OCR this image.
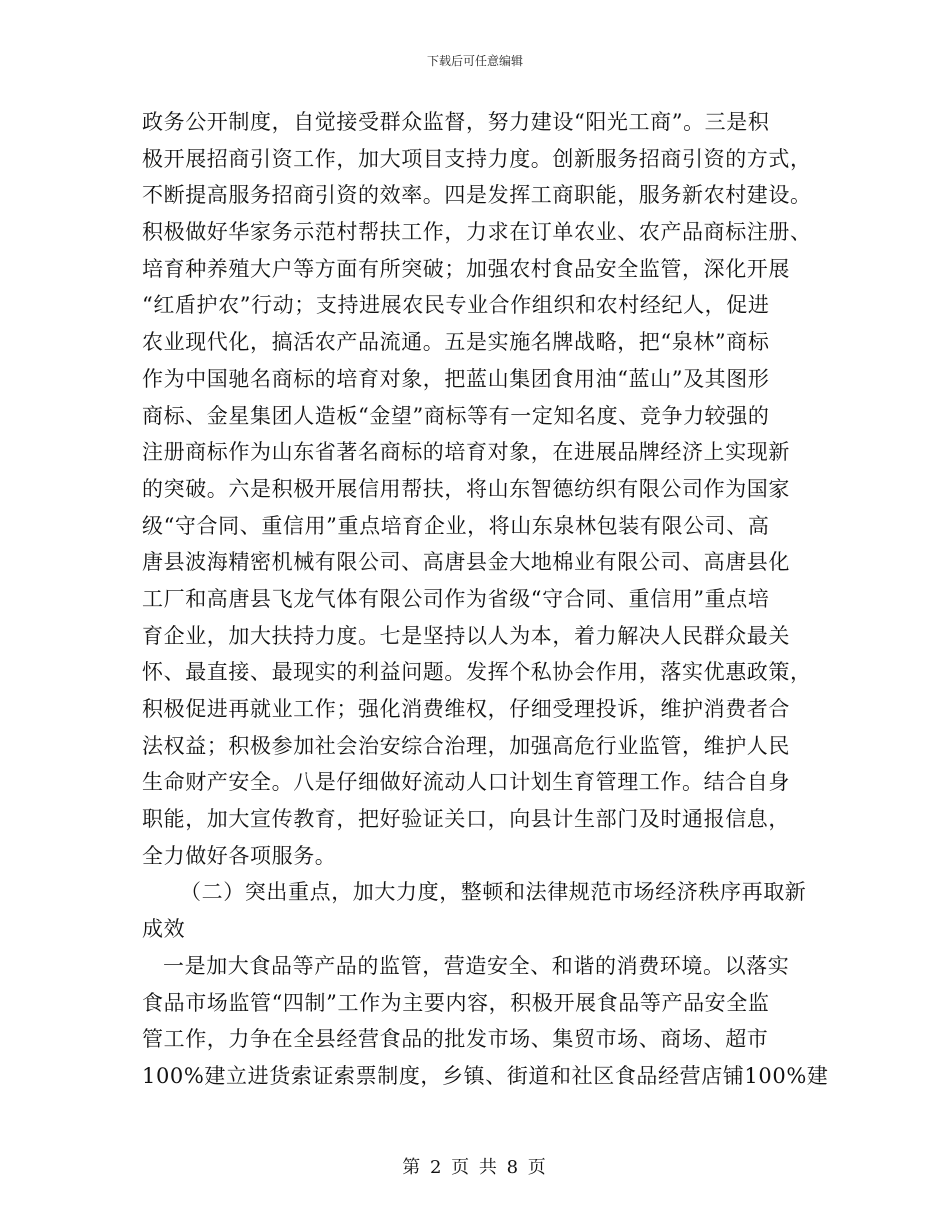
下载后可任意编辑
政务公开制度，自觉接受群众监督，努力建设“阳光工商”。三是积
极开展招商引资工作，加大项目支持力度。创新服务招商引资的方式，
不断提高服务招商引资的效率。四是发挥工商职能，服务新农村建设。
积极做好华家务示范村帮扶工作，力求在订单农业、农产品商标注册、
培育种养殖大户等方面有所突破；加强农村食品安全监管，深化开展
“红盾护农”行动；支持进展农民专业合作组织和农村经纪人，促进
农业现代化，搞活农产品流通。五是实施名牌战略，把“泉林”商标
作为中国驰名商标的培育对象，把蓝山集团食用油“蓝山”及其图形
商标、金星集团人造板“金望”商标等有一定知名度、竞争力较强的
注册商标作为山东省著名商标的培育对象，在进展品牌经济上实现新
的突破。六是积极开展信用帮扶，将山东智德纺织有限公司作为国家
级“守合同、重信用”重点培育企业，将山东泉林包装有限公司、高
唐县波海精密机械有限公司、高唐县金大地棉业有限公司、高唐县化
工厂和高唐县飞龙气体有限公司作为省级“守合同、重信用”重点培
育企业，加大扶持力度。七是坚持以人为本，着力解决人民群众最关
怀、最直接、最现实的利益问题。发挥个私协会作用，落实优惠政策，
积极促进再就业工作；强化消费维权，仔细受理投诉，维护消费者合
法权益；积极参加社会治安综合治理，加强高危行业监管，维护人民
生命财产安全。八是仔细做好流动人口计划生育管理工作。结合自身
职能，加大宣传教育，把好验证关口，向县计生部门及时通报信息，
全力做好各项服务。
（二）突出重点，加大力度，整顿和法律规范市场经济秩序再取新
成效
一是加大食品等产品的监管，营造安全、和谐的消费环境。以落实
食品市场监管“四制”工作为主要内容，积极开展食品等产品安全监
管工作，力争在全县经营食品的批发市场、集贸市场、商场、超市
100%建立进货索证索票制度，乡镇、街道和社区食品经营店铺100%建
第 2 页 共 8 页
